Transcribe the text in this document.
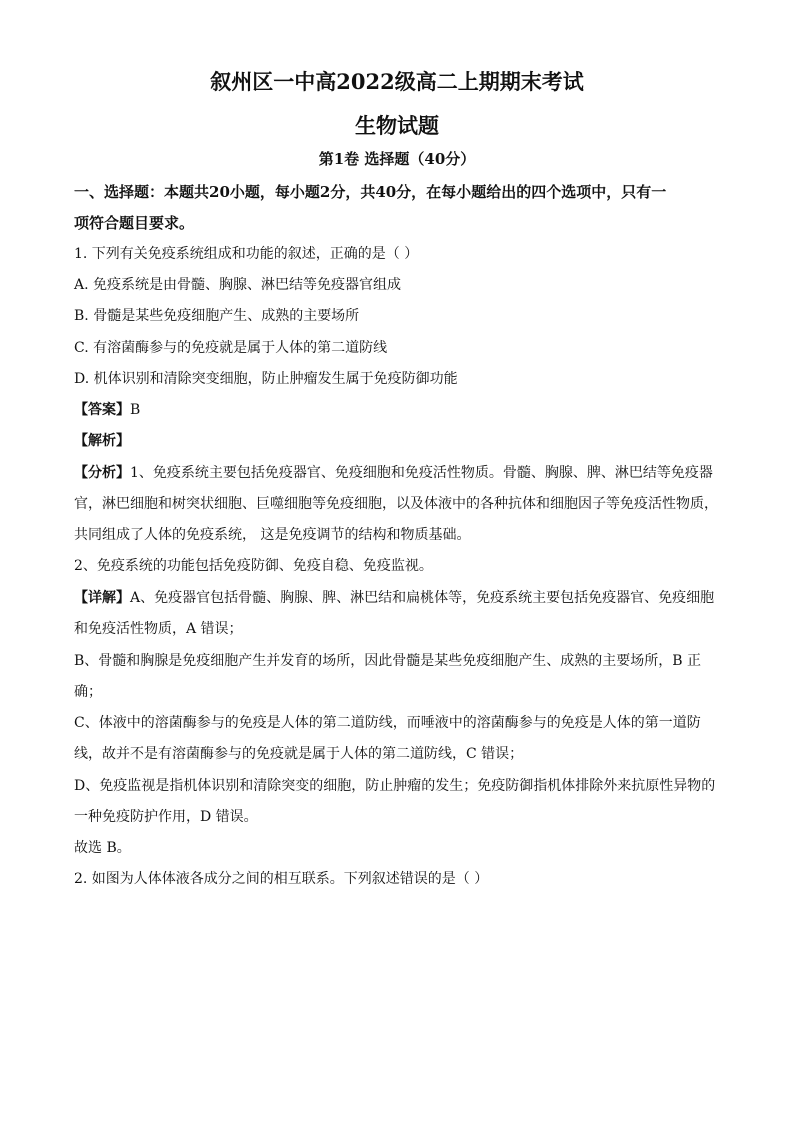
叙州区一中高2022级高二上期期末考试
生物试题
第1卷 选择题（40分）
一、选择题：本题共20小题，每小题2分，共40分，在每小题给出的四个选项中，只有一
项符合题目要求。
1. 下列有关免疫系统组成和功能的叙述，正确的是（ ）
A. 免疫系统是由骨髓、胸腺、淋巴结等免疫器官组成
B. 骨髓是某些免疫细胞产生、成熟的主要场所
C. 有溶菌酶参与的免疫就是属于人体的第二道防线
D. 机体识别和清除突变细胞，防止肿瘤发生属于免疫防御功能
【答案】B
【解析】
【分析】1、免疫系统主要包括免疫器官、免疫细胞和免疫活性物质。骨髓、胸腺、脾、淋巴结等免疫器
官，淋巴细胞和树突状细胞、巨噬细胞等免疫细胞，以及体液中的各种抗体和细胞因子等免疫活性物质，
共同组成了人体的免疫系统， 这是免疫调节的结构和物质基础。
2、免疫系统的功能包括免疫防御、免疫自稳、免疫监视。
【详解】A、免疫器官包括骨髓、胸腺、脾、淋巴结和扁桃体等，免疫系统主要包括免疫器官、免疫细胞
和免疫活性物质，A 错误；
B、骨髓和胸腺是免疫细胞产生并发育的场所，因此骨髓是某些免疫细胞产生、成熟的主要场所，B 正
确；
C、体液中的溶菌酶参与的免疫是人体的第二道防线，而唾液中的溶菌酶参与的免疫是人体的第一道防
线，故并不是有溶菌酶参与的免疫就是属于人体的第二道防线，C 错误；
D、免疫监视是指机体识别和清除突变的细胞，防止肿瘤的发生；免疫防御指机体排除外来抗原性异物的
一种免疫防护作用，D 错误。
故选 B。
2. 如图为人体体液各成分之间的相互联系。下列叙述错误的是（ ）
